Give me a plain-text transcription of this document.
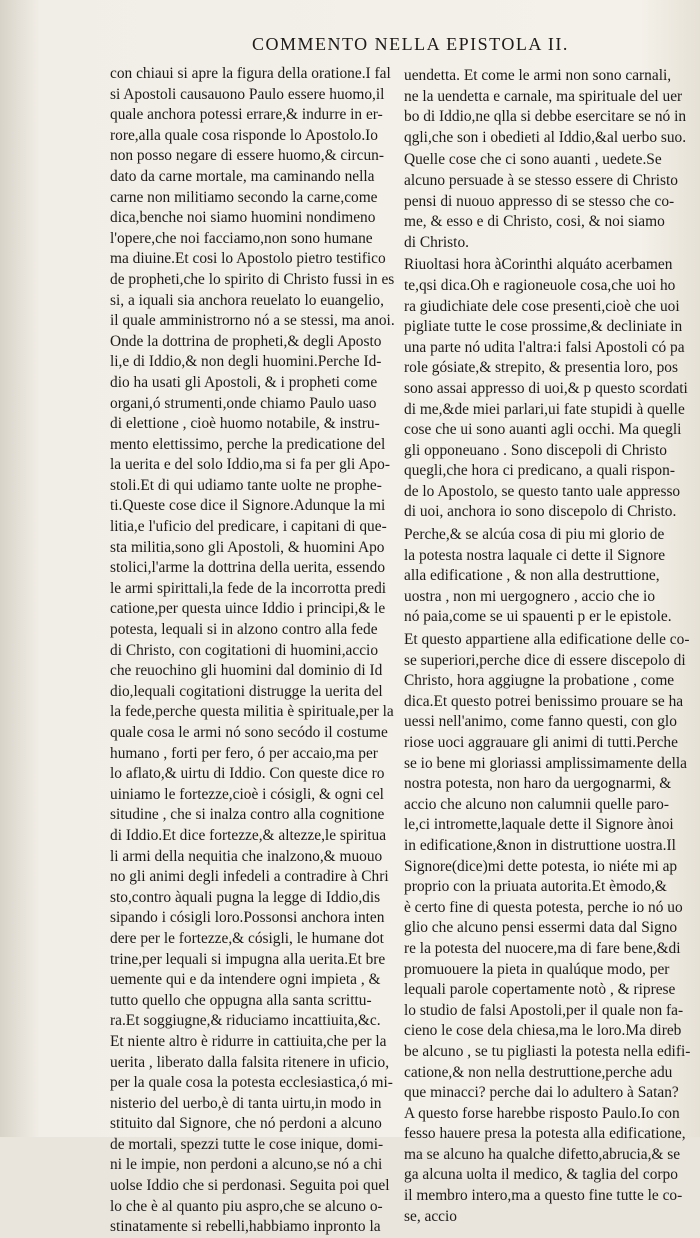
COMMENTO NELLA EPISTOLA II.
con chiaui si apre la figura della oratione.I fal
si Apostoli causauono Paulo essere huomo,il
quale anchora potessi errare,& indurre in er-
rore,alla quale cosa risponde lo Apostolo.Io
non posso negare di essere huomo,& circun-
dato da carne mortale, ma caminando nella
carne non militiamo secondo la carne,come
dica,benche noi siamo huomini nondimeno
l'opere,che noi facciamo,non sono humane
ma diuine.Et cosi lo Apostolo pietro testifico
de propheti,che lo spirito di Christo fussi in es
si, a iquali sia anchora reuelato lo euangelio,
il quale amministrorno nó a se stessi, ma anoi.
Onde la dottrina de propheti,& degli Aposto
li,e di Iddio,& non degli huomini.Perche Id-
dio ha usati gli Apostoli, & i propheti come
organi,ó strumenti,onde chiamo Paulo uaso
di elettione , cioè huomo notabile, & instru-
mento elettissimo, perche la predicatione del
la uerita e del solo Iddio,ma si fa per gli Apo-
stoli.Et di qui udiamo tante uolte ne prophe-
ti.Queste cose dice il Signore.Adunque la mi
litia,e l'uficio del predicare, i capitani di que-
sta militia,sono gli Apostoli, & huomini Apo
stolici,l'arme la dottrina della uerita, essendo
le armi spirittali,la fede de la incorrotta predi
catione,per questa uince Iddio i principi,& le
potesta, lequali si in alzono contro alla fede
di Christo, con cogitationi di huomini,accio
che reuochino gli huomini dal dominio di Id
dio,lequali cogitationi distrugge la uerita del
la fede,perche questa militia è spirituale,per la
quale cosa le armi nó sono secódo il costume
humano , forti per fero, ó per accaio,ma per
lo aflato,& uirtu di Iddio. Con queste dice ro
uiniamo le fortezze,cioè i cósigli, & ogni cel
situdine , che si inalza contro alla cognitione
di Iddio.Et dice fortezze,& altezze,le spiritua
li armi della nequitia che inalzono,& muouo
no gli animi degli infedeli a contradire à Chri
sto,contro àquali pugna la legge di Iddio,dis
sipando i cósigli loro.Possonsi anchora inten
dere per le fortezze,& cósigli, le humane dot
trine,per lequali si impugna alla uerita.Et bre
uemente qui e da intendere ogni impieta , &
tutto quello che oppugna alla santa scrittu-
ra.Et soggiugne,& riduciamo incattiuita,&c.
Et niente altro è ridurre in cattiuita,che per la
uerita , liberato dalla falsita ritenere in uficio,
per la quale cosa la potesta ecclesiastica,ó mi-
nisterio del uerbo,è di tanta uirtu,in modo in
stituito dal Signore, che nó perdoni a alcuno
de mortali, spezzi tutte le cose inique, domi-
ni le impie, non perdoni a alcuno,se nó a chi
uolse Iddio che si perdonasi. Seguita poi quel
lo che è al quanto piu aspro,che se alcuno o-
stinatamente si rebelli,habbiamo inpronto la
uendetta. Et come le armi non sono carnali,
ne la uendetta e carnale, ma spirituale del uer
bo di Iddio,ne qlla si debbe esercitare se nó in
qgli,che son i obedieti al Iddio,&al uerbo suo.
Quelle cose che ci sono auanti , uedete.Se
alcuno persuade à se stesso essere di Christo
pensi di nuouo appresso di se stesso che co-
me, & esso e di Christo, cosi, & noi siamo
di Christo.
Riuoltasi hora àCorinthi alquáto acerbamen
te,qsi dica.Oh e ragioneuole cosa,che uoi ho
ra giudichiate dele cose presenti,cioè che uoi
pigliate tutte le cose prossime,& decliniate in
una parte nó udita l'altra:i falsi Apostoli có pa
role gósiate,& strepito, & presentia loro, pos
sono assai appresso di uoi,& p questo scordati
di me,&de miei parlari,ui fate stupidi à quelle
cose che ui sono auanti agli occhi. Ma quegli
gli opponeuano . Sono discepoli di Christo
quegli,che hora ci predicano, a quali rispon-
de lo Apostolo, se questo tanto uale appresso
di uoi, anchora io sono discepolo di Christo.
Perche,& se alcúa cosa di piu mi glorio de
la potesta nostra laquale ci dette il Signore
alla edificatione , & non alla destruttione,
uostra , non mi uergognero , accio che io
nó paia,come se ui spauenti p er le epistole.
Et questo appartiene alla edificatione delle co-
se superiori,perche dice di essere discepolo di
Christo, hora aggiugne la probatione , come
dica.Et questo potrei benissimo prouare se ha
uessi nell'animo, come fanno questi, con glo
riose uoci aggrauare gli animi di tutti.Perche
se io bene mi gloriassi amplissimamente della
nostra potesta, non haro da uergognarmi, &
accio che alcuno non calumnii quelle paro-
le,ci intromette,laquale dette il Signore ànoi
in edificatione,&non in distruttione uostra.Il
Signore(dice)mi dette potesta, io niéte mi ap
proprio con la priuata autorita.Et èmodo,&
è certo fine di questa potesta, perche io nó uo
glio che alcuno pensi essermi data dal Signo
re la potesta del nuocere,ma di fare bene,&di
promuouere la pieta in qualúque modo, per
lequali parole copertamente notò , & riprese
lo studio de falsi Apostoli,per il quale non fa-
cieno le cose dela chiesa,ma le loro.Ma direb
be alcuno , se tu pigliasti la potesta nella edifi-
catione,& non nella destruttione,perche adu
que minacci? perche dai lo adultero à Satan?
A questo forse harebbe risposto Paulo.Io con
fesso hauere presa la potesta alla edificatione,
ma se alcuno ha qualche difetto,abrucia,& se
ga alcuna uolta il medico, & taglia del corpo
il membro intero,ma a questo fine tutte le co-
se, accio
